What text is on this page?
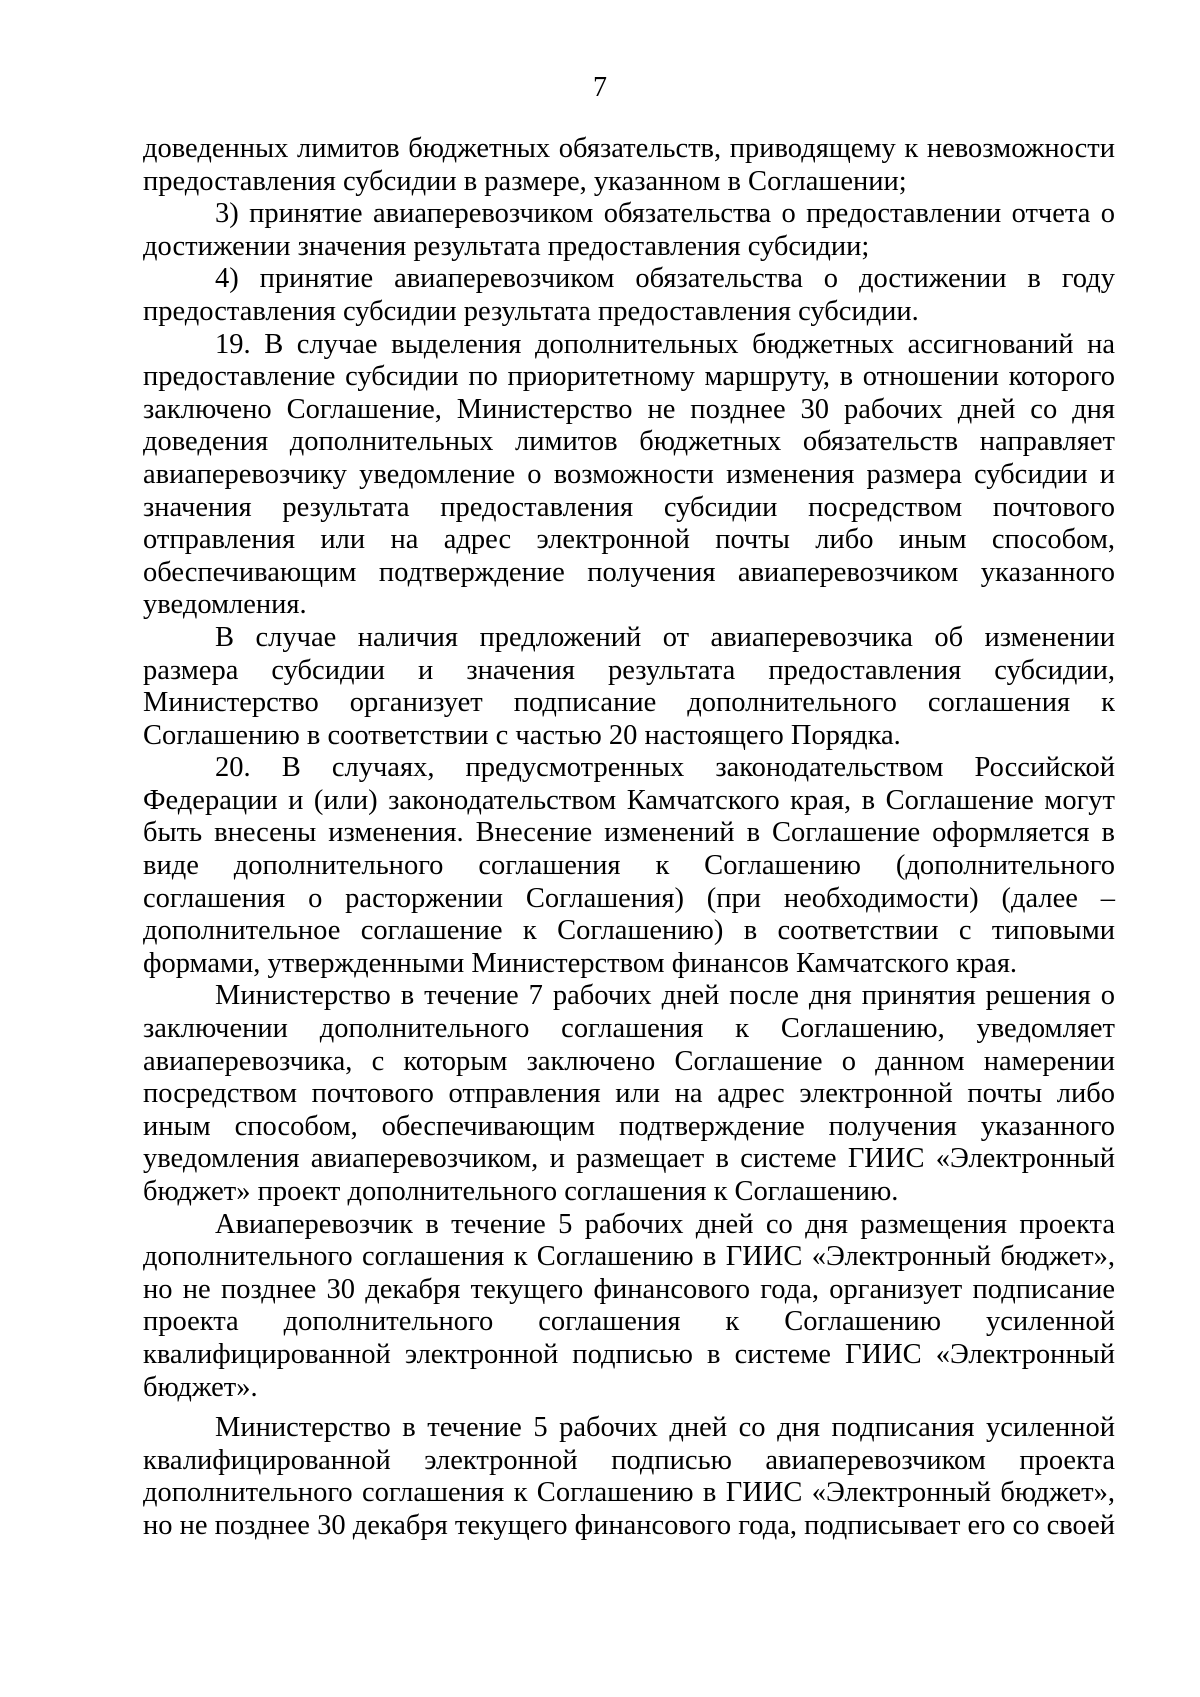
7

доведенных лимитов бюджетных обязательств, приводящему к невозможности предоставления субсидии в размере, указанном в Соглашении;

3) принятие авиаперевозчиком обязательства о предоставлении отчета о достижении значения результата предоставления субсидии;

4) принятие авиаперевозчиком обязательства о достижении в году предоставления субсидии результата предоставления субсидии.

19. В случае выделения дополнительных бюджетных ассигнований на предоставление субсидии по приоритетному маршруту, в отношении которого заключено Соглашение, Министерство не позднее 30 рабочих дней со дня доведения дополнительных лимитов бюджетных обязательств направляет авиаперевозчику уведомление о возможности изменения размера субсидии и значения результата предоставления субсидии посредством почтового отправления или на адрес электронной почты либо иным способом, обеспечивающим подтверждение получения авиаперевозчиком указанного уведомления.

В случае наличия предложений от авиаперевозчика об изменении размера субсидии и значения результата предоставления субсидии, Министерство организует подписание дополнительного соглашения к Соглашению в соответствии с частью 20 настоящего Порядка.

20. В случаях, предусмотренных законодательством Российской Федерации и (или) законодательством Камчатского края, в Соглашение могут быть внесены изменения. Внесение изменений в Соглашение оформляется в виде дополнительного соглашения к Соглашению (дополнительного соглашения о расторжении Соглашения) (при необходимости) (далее – дополнительное соглашение к Соглашению) в соответствии с типовыми формами, утвержденными Министерством финансов Камчатского края.

Министерство в течение 7 рабочих дней после дня принятия решения о заключении дополнительного соглашения к Соглашению, уведомляет авиаперевозчика, с которым заключено Соглашение о данном намерении посредством почтового отправления или на адрес электронной почты либо иным способом, обеспечивающим подтверждение получения указанного уведомления авиаперевозчиком, и размещает в системе ГИИС «Электронный бюджет» проект дополнительного соглашения к Соглашению.

Авиаперевозчик в течение 5 рабочих дней со дня размещения проекта дополнительного соглашения к Соглашению в ГИИС «Электронный бюджет», но не позднее 30 декабря текущего финансового года, организует подписание проекта дополнительного соглашения к Соглашению усиленной квалифицированной электронной подписью в системе ГИИС «Электронный бюджет».

Министерство в течение 5 рабочих дней со дня подписания усиленной квалифицированной электронной подписью авиаперевозчиком проекта дополнительного соглашения к Соглашению в ГИИС «Электронный бюджет», но не позднее 30 декабря текущего финансового года, подписывает его со своей
